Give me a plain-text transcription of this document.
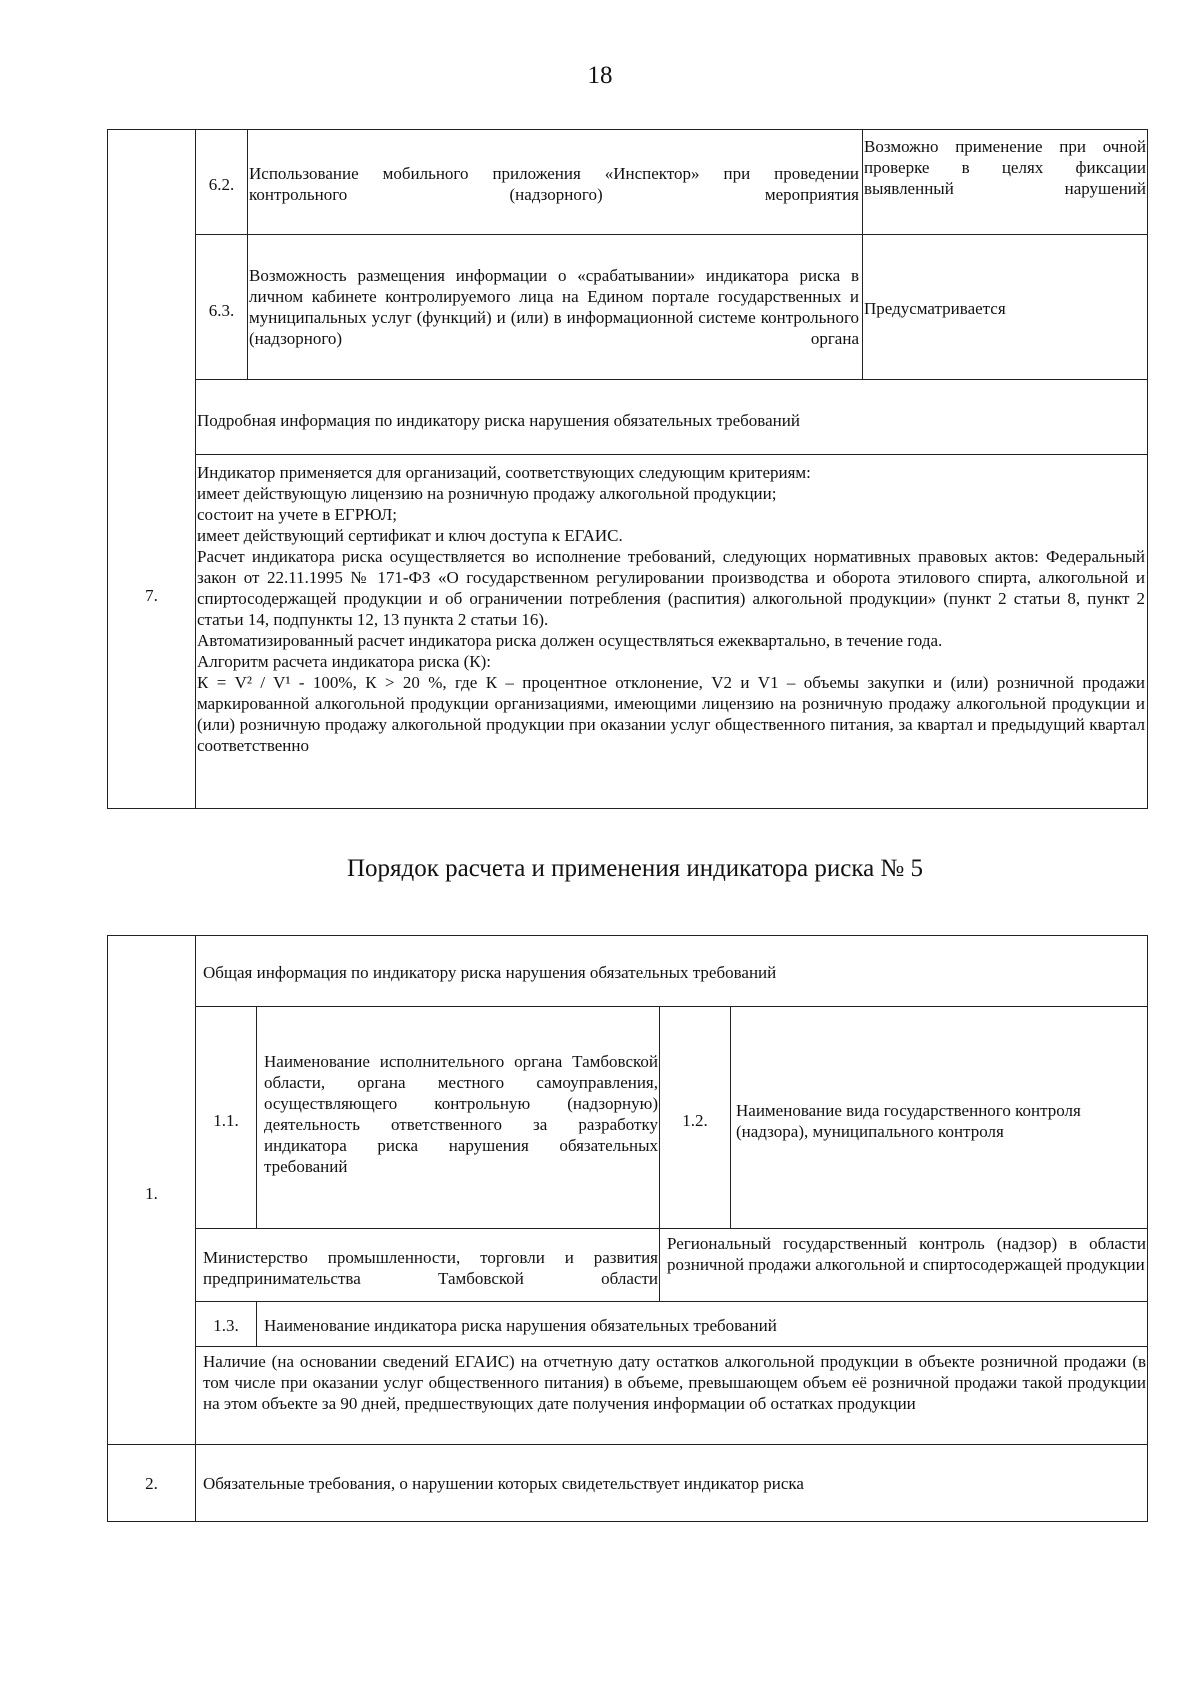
18
7.
6.2.
Использование мобильного приложения «Инспектор» при проведении контрольного (надзорного) мероприятия
Возможно применение при очной проверке в целях фиксации выявленный нарушений
6.3.
Возможность размещения информации о «срабатывании» индикатора риска в личном кабинете контролируемого лица на Едином портале государственных и муниципальных услуг (функций) и (или) в информационной системе контрольного (надзорного) органа
Предусматривается
Подробная информация по индикатору риска нарушения обязательных требований
Индикатор применяется для организаций, соответствующих следующим критериям:
имеет действующую лицензию на розничную продажу алкогольной продукции;
состоит на учете в ЕГРЮЛ;
имеет действующий сертификат и ключ доступа к ЕГАИС.
Расчет индикатора риска осуществляется во исполнение требований, следующих нормативных правовых актов: Федеральный закон от 22.11.1995 № 171-ФЗ «О государственном регулировании производства и оборота этилового спирта, алкогольной и спиртосодержащей продукции и об ограничении потребления (распития) алкогольной продукции» (пункт 2 статьи 8, пункт 2 статьи 14, подпункты 12, 13 пункта 2 статьи 16).
Автоматизированный расчет индикатора риска должен осуществляться ежеквартально, в течение года.
Алгоритм расчета индикатора риска (К):
К = V² / V¹ - 100%, К > 20 %, где К – процентное отклонение, V2 и V1 – объемы закупки и (или) розничной продажи маркированной алкогольной продукции организациями, имеющими лицензию на розничную продажу алкогольной продукции и (или) розничную продажу алкогольной продукции при оказании услуг общественного питания, за квартал и предыдущий квартал соответственно
Порядок расчета и применения индикатора риска № 5
1.
Общая информация по индикатору риска нарушения обязательных требований
1.1.
Наименование исполнительного органа Тамбовской области, органа местного самоуправления, осуществляющего контрольную (надзорную) деятельность ответственного за разработку индикатора риска нарушения обязательных требований
1.2.
Наименование вида государственного контроля (надзора), муниципального контроля
Министерство промышленности, торговли и развития предпринимательства Тамбовской области
Региональный государственный контроль (надзор) в области розничной продажи алкогольной и спиртосодержащей продукции
1.3.	Наименование индикатора риска нарушения обязательных требований
Наличие (на основании сведений ЕГАИС) на отчетную дату остатков алкогольной продукции в объекте розничной продажи (в том числе при оказании услуг общественного питания) в объеме, превышающем объем её розничной продажи такой продукции на этом объекте за 90 дней, предшествующих дате получения информации об остатках продукции
2.	Обязательные требования, о нарушении которых свидетельствует индикатор риска
